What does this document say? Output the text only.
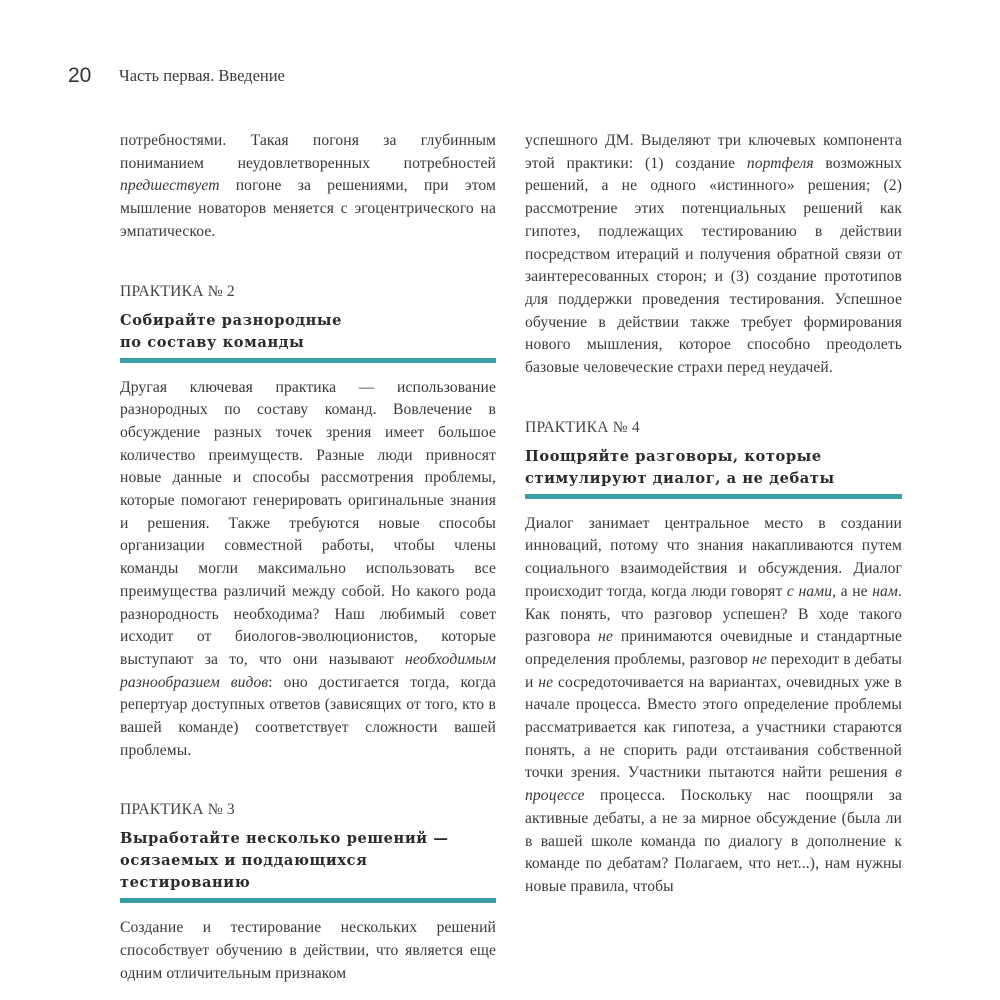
20 Часть первая. Введение

потребностями. Такая погоня за глубинным пониманием неудовлетворенных потребностей предшествует погоне за решениями, при этом мышление новаторов меняется с эгоцентрического на эмпатическое.

ПРАКТИКА № 2
Собирайте разнородные
по составу команды

Другая ключевая практика — использование разнородных по составу команд. Вовлечение в обсуждение разных точек зрения имеет большое количество преимуществ. Разные люди привносят новые данные и способы рассмотрения проблемы, которые помогают генерировать оригинальные знания и решения. Также требуются новые способы организации совместной работы, чтобы члены команды могли максимально использовать все преимущества различий между собой. Но какого рода разнородность необходима? Наш любимый совет исходит от биологов-эволюционистов, которые выступают за то, что они называют необходимым разнообразием видов: оно достигается тогда, когда репертуар доступных ответов (зависящих от того, кто в вашей команде) соответствует сложности вашей проблемы.

ПРАКТИКА № 3
Выработайте несколько решений —
осязаемых и поддающихся тестированию

Создание и тестирование нескольких решений способствует обучению в действии, что является еще одним отличительным признаком

успешного ДМ. Выделяют три ключевых компонента этой практики: (1) создание портфеля возможных решений, а не одного «истинного» решения; (2) рассмотрение этих потенциальных решений как гипотез, подлежащих тестированию в действии посредством итераций и получения обратной связи от заинтересованных сторон; и (3) создание прототипов для поддержки проведения тестирования. Успешное обучение в действии также требует формирования нового мышления, которое способно преодолеть базовые человеческие страхи перед неудачей.

ПРАКТИКА № 4
Поощряйте разговоры, которые
стимулируют диалог, а не дебаты

Диалог занимает центральное место в создании инноваций, потому что знания накапливаются путем социального взаимодействия и обсуждения. Диалог происходит тогда, когда люди говорят с нами, а не нам. Как понять, что разговор успешен? В ходе такого разговора не принимаются очевидные и стандартные определения проблемы, разговор не переходит в дебаты и не сосредоточивается на вариантах, очевидных уже в начале процесса. Вместо этого определение проблемы рассматривается как гипотеза, а участники стараются понять, а не спорить ради отстаивания собственной точки зрения. Участники пытаются найти решения в процессе процесса. Поскольку нас поощряли за активные дебаты, а не за мирное обсуждение (была ли в вашей школе команда по диалогу в дополнение к команде по дебатам? Полагаем, что нет...), нам нужны новые правила, чтобы
